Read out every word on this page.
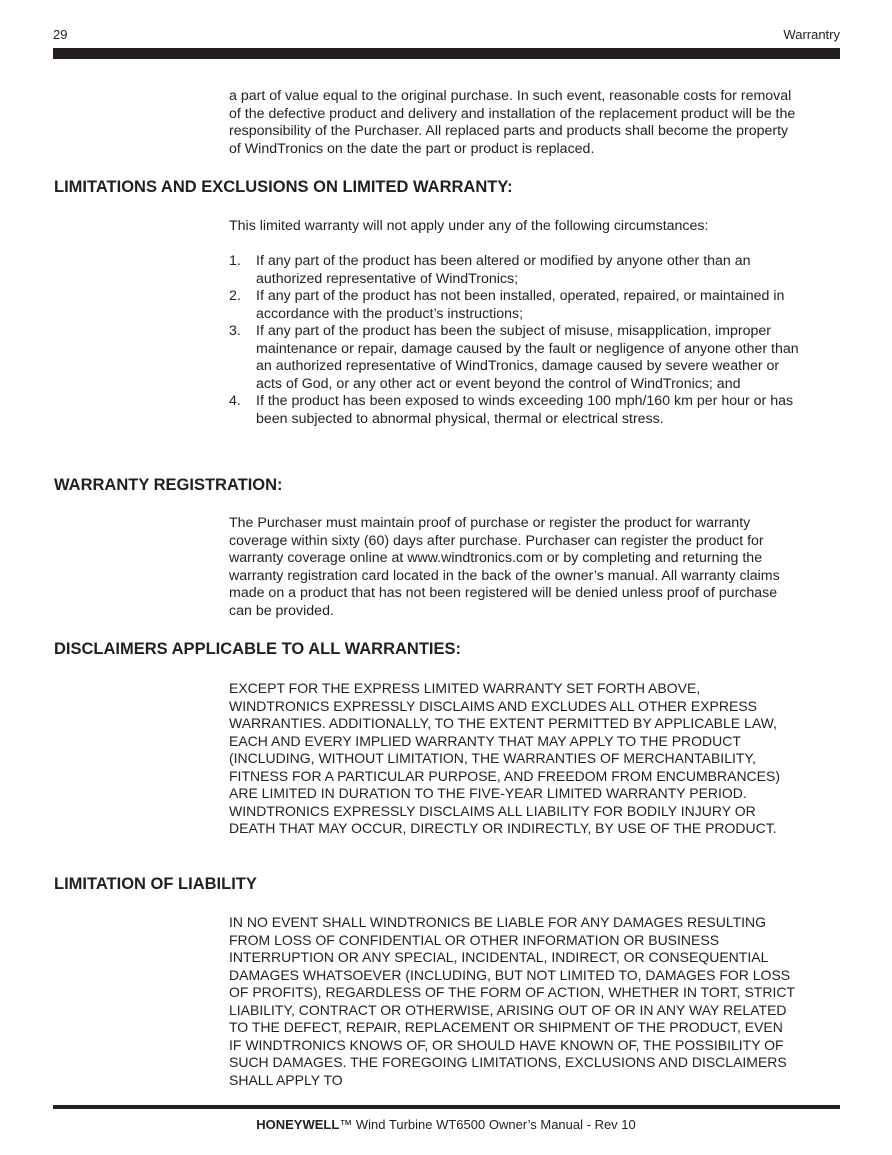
29	Warrantry

a part of value equal to the original purchase. In such event, reasonable costs for removal of the defective product and delivery and installation of the replacement product will be the responsibility of the Purchaser. All replaced parts and products shall become the property of WindTronics on the date the part or product is replaced.

LIMITATIONS AND EXCLUSIONS ON LIMITED WARRANTY:

This limited warranty will not apply under any of the following circumstances:

1. If any part of the product has been altered or modified by anyone other than an authorized representative of WindTronics;
2. If any part of the product has not been installed, operated, repaired, or maintained in accordance with the product’s instructions;
3. If any part of the product has been the subject of misuse, misapplication, improper maintenance or repair, damage caused by the fault or negligence of anyone other than an authorized representative of WindTronics, damage caused by severe weather or acts of God, or any other act or event beyond the control of WindTronics; and
4. If the product has been exposed to winds exceeding 100 mph/160 km per hour or has been subjected to abnormal physical, thermal or electrical stress.
WARRANTY REGISTRATION:

The Purchaser must maintain proof of purchase or register the product for warranty coverage within sixty (60) days after purchase. Purchaser can register the product for warranty coverage online at www.windtronics.com or by completing and returning the warranty registration card located in the back of the owner’s manual. All warranty claims made on a product that has not been registered will be denied unless proof of purchase can be provided.

DISCLAIMERS APPLICABLE TO ALL WARRANTIES:

EXCEPT FOR THE EXPRESS LIMITED WARRANTY SET FORTH ABOVE, WINDTRONICS EXPRESSLY DISCLAIMS AND EXCLUDES ALL OTHER EXPRESS WARRANTIES. ADDITIONALLY, TO THE EXTENT PERMITTED BY APPLICABLE LAW, EACH AND EVERY IMPLIED WARRANTY THAT MAY APPLY TO THE PRODUCT (INCLUDING, WITHOUT LIMITATION, THE WARRANTIES OF MERCHANTABILITY, FITNESS FOR A PARTICULAR PURPOSE, AND FREEDOM FROM ENCUMBRANCES) ARE LIMITED IN DURATION TO THE FIVE-YEAR LIMITED WARRANTY PERIOD. WINDTRONICS EXPRESSLY DISCLAIMS ALL LIABILITY FOR BODILY INJURY OR DEATH THAT MAY OCCUR, DIRECTLY OR INDIRECTLY, BY USE OF THE PRODUCT.

LIMITATION OF LIABILITY

IN NO EVENT SHALL WINDTRONICS BE LIABLE FOR ANY DAMAGES RESULTING FROM LOSS OF CONFIDENTIAL OR OTHER INFORMATION OR BUSINESS INTERRUPTION OR ANY SPECIAL, INCIDENTAL, INDIRECT, OR CONSEQUENTIAL DAMAGES WHATSOEVER (INCLUDING, BUT NOT LIMITED TO, DAMAGES FOR LOSS OF PROFITS), REGARDLESS OF THE FORM OF ACTION, WHETHER IN TORT, STRICT LIABILITY, CONTRACT OR OTHERWISE, ARISING OUT OF OR IN ANY WAY RELATED TO THE DEFECT, REPAIR, REPLACEMENT OR SHIPMENT OF THE PRODUCT, EVEN IF WINDTRONICS KNOWS OF, OR SHOULD HAVE KNOWN OF, THE POSSIBILITY OF SUCH DAMAGES. THE FOREGOING LIMITATIONS, EXCLUSIONS AND DISCLAIMERS SHALL APPLY TO

HONEYWELL™ Wind Turbine WT6500 Owner’s Manual - Rev 10
